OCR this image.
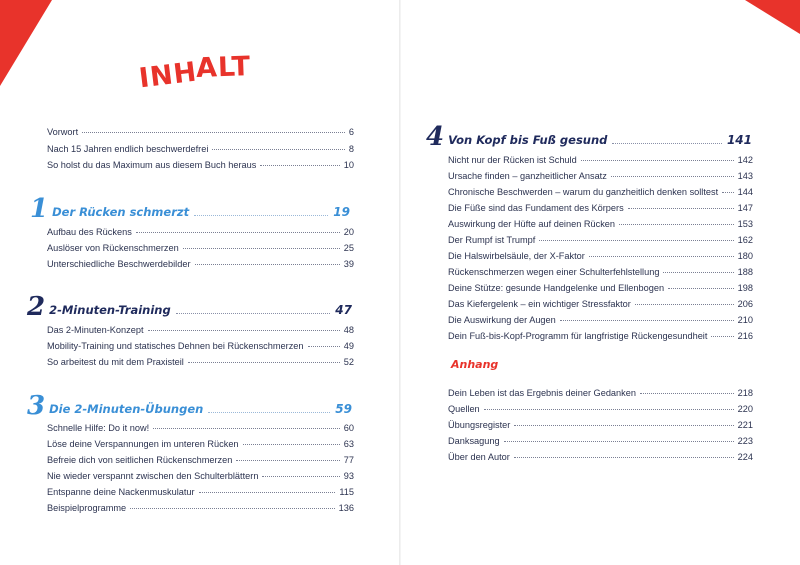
INHALT
Vorwort	6
Nach 15 Jahren endlich beschwerdefrei	8
So holst du das Maximum aus diesem Buch heraus	10
1 Der Rücken schmerzt	19
Aufbau des Rückens	20
Auslöser von Rückenschmerzen	25
Unterschiedliche Beschwerdebilder	39
2 2-Minuten-Training	47
Das 2-Minuten-Konzept	48
Mobility-Training und statisches Dehnen bei Rückenschmerzen	49
So arbeitest du mit dem Praxisteil	52
3 Die 2-Minuten-Übungen	59
Schnelle Hilfe: Do it now!	60
Löse deine Verspannungen im unteren Rücken	63
Befreie dich von seitlichen Rückenschmerzen	77
Nie wieder verspannt zwischen den Schulterblättern	93
Entspanne deine Nackenmuskulatur	115
Beispielprogramme	136
4 Von Kopf bis Fuß gesund	141
Nicht nur der Rücken ist Schuld	142
Ursache finden – ganzheitlicher Ansatz	143
Chronische Beschwerden – warum du ganzheitlich denken solltest 144
Die Füße sind das Fundament des Körpers	147
Auswirkung der Hüfte auf deinen Rücken	153
Der Rumpf ist Trumpf	162
Die Halswirbelsäule, der X-Faktor	180
Rückenschmerzen wegen einer Schulterfehlstellung	188
Deine Stütze: gesunde Handgelenke und Ellenbogen	198
Das Kiefergelenk – ein wichtiger Stressfaktor	206
Die Auswirkung der Augen	210
Dein Fuß-bis-Kopf-Programm für langfristige Rückengesundheit	216
Anhang
Dein Leben ist das Ergebnis deiner Gedanken	218
Quellen	220
Übungsregister	221
Danksagung	223
Über den Autor	224
